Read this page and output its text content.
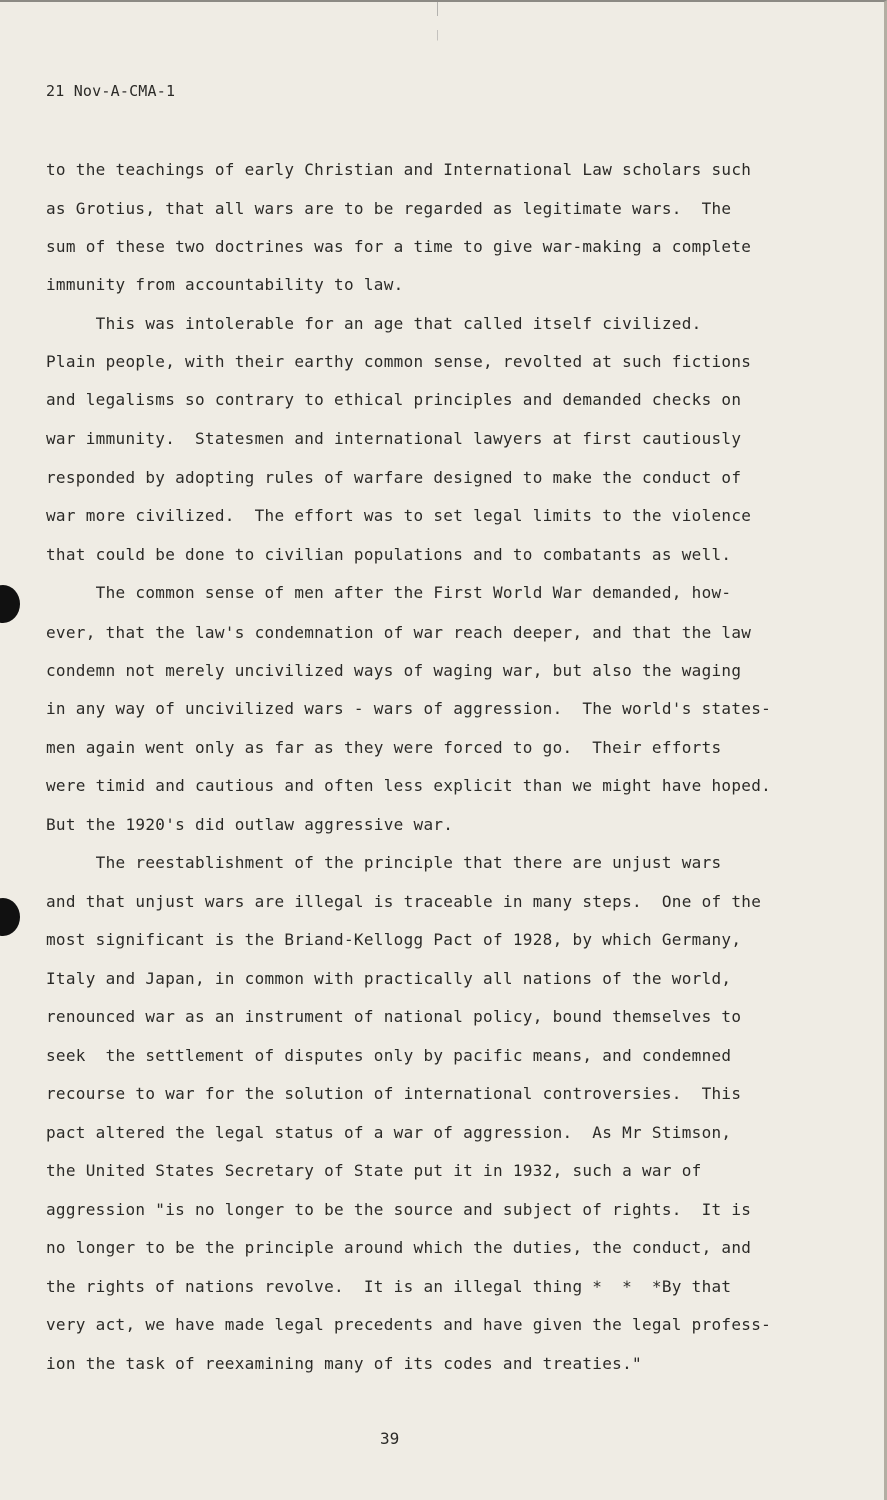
21 Nov-A-CMA-1
to the teachings of early Christian and International Law scholars such
as Grotius, that all wars are to be regarded as legitimate wars.  The
sum of these two doctrines was for a time to give war-making a complete
immunity from accountability to law.
This was intolerable for an age that called itself civilized.
Plain people, with their earthy common sense, revolted at such fictions
and legalisms so contrary to ethical principles and demanded checks on
war immunity.  Statesmen and international lawyers at first cautiously
responded by adopting rules of warfare designed to make the conduct of
war more civilized.  The effort was to set legal limits to the violence
that could be done to civilian populations and to combatants as well.
The common sense of men after the First World War demanded, how-
ever, that the law's condemnation of war reach deeper, and that the law
condemn not merely uncivilized ways of waging war, but also the waging
in any way of uncivilized wars - wars of aggression.  The world's states-
men again went only as far as they were forced to go.  Their efforts
were timid and cautious and often less explicit than we might have hoped.
But the 1920's did outlaw aggressive war.
The reestablishment of the principle that there are unjust wars
and that unjust wars are illegal is traceable in many steps.  One of the
most significant is the Briand-Kellogg Pact of 1928, by which Germany,
Italy and Japan, in common with practically all nations of the world,
renounced war as an instrument of national policy, bound themselves to
seek  the settlement of disputes only by pacific means, and condemned
recourse to war for the solution of international controversies.  This
pact altered the legal status of a war of aggression.  As Mr Stimson,
the United States Secretary of State put it in 1932, such a war of
aggression "is no longer to be the source and subject of rights.  It is
no longer to be the principle around which the duties, the conduct, and
the rights of nations revolve.  It is an illegal thing *  *  *By that
very act, we have made legal precedents and have given the legal profess-
ion the task of reexamining many of its codes and treaties."
39
